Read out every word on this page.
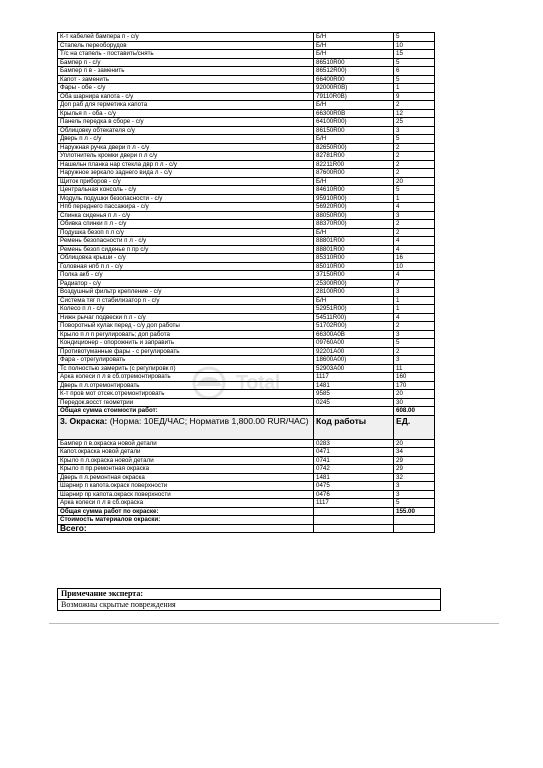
К-т кабелей бампера п - с/у	Б/Н	5
Стапель переоборудов	Б/Н	10
Т/с на стапель - поставить/снять	Б/Н	15
Бампер п - с/у	86510R00	5
Бампер п в - заменить	86512R00)	6
Капот - заменить	66400R00	5
Фары - обе - с/у	92000R0B)	1
Оба шарнира капота - с/у	79110R0B)	9
Доп раб для герметика капота	Б/Н	2
Крылья п - оба - с/у	66300R0B	12
Панель передка в сборе - с/у	64100R00)	25
Облицовку обтекателя с/у	86150R00	3
Дверь п л - с/у	Б/Н	5
Наружная ручка двери п л - с/у	82650R00)	2
Уплотнитель кромки двери п л с/у	82781R00	2
Нашельн планка нар стекла двр п л - с/у	82211R00	2
Наружное зеркало заднего вида л - с/у	87600R00	2
Щиток приборов - с/у	Б/Н	20
Центральная консоль - с/у	84610R00	5
Модуль подушки безопасности - с/у	95910R00)	1
Нпб переднего пассажира - с/у	56920R00)	4
Спинка сиденья п л - с/у	88050R00)	3
Обивка спинки п л - с/у	88370R00)	2
Подушка безоп п л с/у	Б/Н	2
Ремень безопасности п л - с/у	88801R00	4
Ремень безоп сиденье п пр с/у	88801R00	4
Облицовка крыши - с/у	85310R00	16
Головная нпб п л - с/у	85010R00	10
Полка акб - с/у	37150R00	4
Радиатор - с/у	25300R00)	7
Воздушный фильтр крепление - с/у	28100R00	3
Система тяг п стабилизатор п - с/у	Б/Н	1
Колесо п л - с/у	52951R00)	1
Нижн рычаг подвески п л - с/у	54511R00)	4
Поворотный кулак перед - с/у доп работы	51702R00)	2
Крыло п л п регулировать; доп работа	66300A0B	3
Кондиционер - опорожнить и заправить	09760A00	5
Противотуманные фары - с регулировать	92201A00	2
Фара - отрегулировать	18600A00)	3
Тс полностью замерить (с регулировк п)	52903A00	11
Арка колеси п л в сб.отремонтировать	1117	160
Дверь п л.отремонтировать	1481	170
К-т пров мот отсек.отремонтировать	9585	20
Передок.восст геометрии	0245	30
Общая сумма стоимости работ:		608.00
3. Окраска: (Норма: 10ЕД/ЧАС; Норматив 1,800.00 RUR/ЧАС)	Код работы	ЕД.
Бампер п в.окраска новой детали	0283	20
Капот.окраска новой детали	0471	34
Крыло п л.окраска новой детали	0741	29
Крыло п пр.ремонтная окраска	0742	29
Дверь п л.ремонтная окраска	1481	32
Шарнир п капота.окраск поверхности	0475	3
Шарнир пр капота.окраск поверхности	0476	3
Арка колеси п л в сб.окраска	1117	5
Общая сумма работ по окраске:		155.00
Стоимость материалов окраски:		
Всего:		
Примечание эксперта:
Возможны скрытые повреждения
Total
